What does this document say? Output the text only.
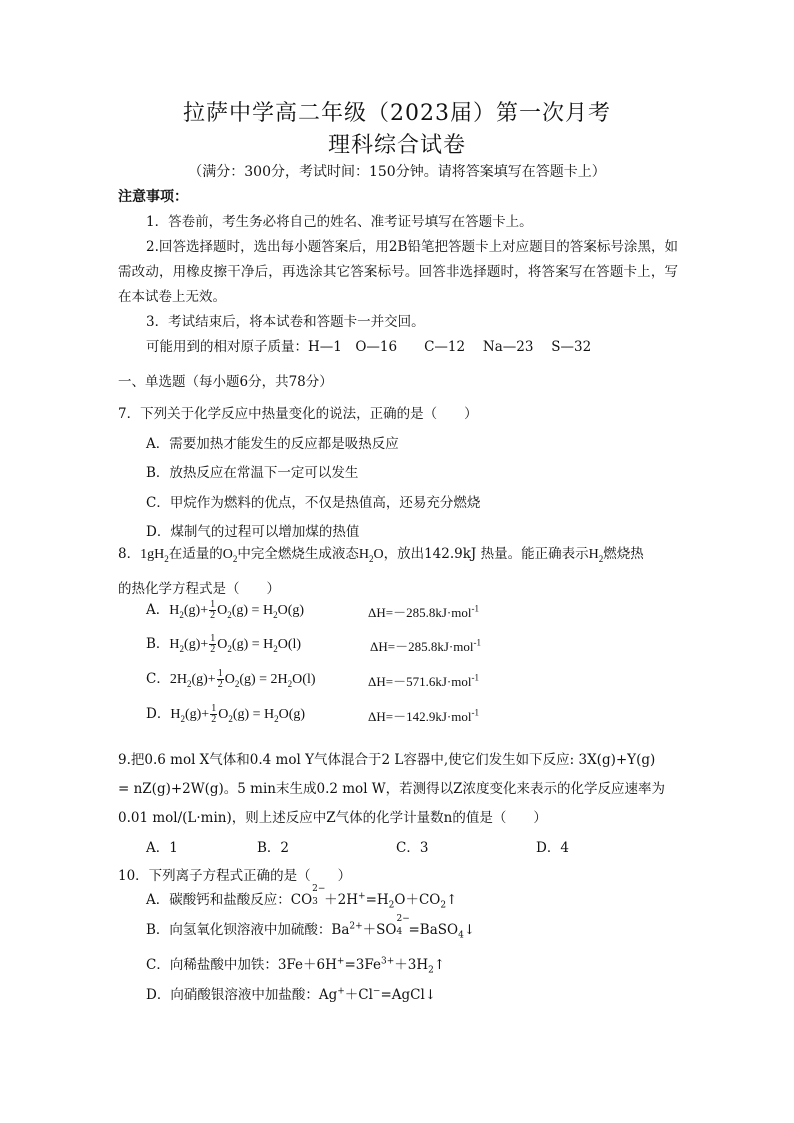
拉萨中学高二年级（2023届）第一次月考
理科综合试卷
（满分：300分，考试时间：150分钟。请将答案填写在答题卡上）
注意事项：
1．答卷前，考生务必将自己的姓名、准考证号填写在答题卡上。
2.回答选择题时，选出每小题答案后，用2B铅笔把答题卡上对应题目的答案标号涂黑，如需改动，用橡皮擦干净后，再选涂其它答案标号。回答非选择题时，将答案写在答题卡上，写在本试卷上无效。
3．考试结束后，将本试卷和答题卡一并交回。
可能用到的相对原子质量：H—1　O—16　　C—12　 Na—23　 S—32
一、单选题（每小题6分，共78分）
7．下列关于化学反应中热量变化的说法，正确的是（　　）
A．需要加热才能发生的反应都是吸热反应
B．放热反应在常温下一定可以发生
C．甲烷作为燃料的优点，不仅是热值高，还易充分燃烧
D．煤制气的过程可以增加煤的热值
8．$1gH_2$在适量的$O_2$中完全燃烧生成液态$H_2O$，放出142.9kJ 热量。能正确表示$H_2$燃烧热
的热化学方程式是（　　）
A．$H_2(g)+ \frac{1}{2} O_2(g) = H_2O(g)$	ΔH=－285.8kJ·mol$^{-1}$
B．$H_2(g)+ \frac{1}{2} O_2(g) = H_2O(l)$	ΔH=－285.8kJ·mol$^{-1}$
C．$2H_2(g)+ \frac{1}{2} O_2(g) = 2H_2O(l)$	ΔH=－571.6kJ·mol$^{-1}$
D．$H_2(g)+ \frac{1}{2} O_2(g) = H_2O(g)$	ΔH=－142.9kJ·mol$^{-1}$
9.把0.6 mol X气体和0.4 mol Y气体混合于2 L容器中,使它们发生如下反应: 3X(g)+Y(g)
= nZ(g)+2W(g)。5 min末生成0.2 mol W，若测得以Z浓度变化来表示的化学反应速率为
0.01 mol/(L·min)，则上述反应中Z气体的化学计量数n的值是（　　）
A．1	B．2	C．3	D．4
10．下列离子方程式正确的是（　　）
A．碳酸钙和盐酸反应：CO
2−
$3 +2H^+=H_2O+CO_2↑$
B．向氢氧化钡溶液中加硫酸：$Ba^{2+}+SO$
2−
4 =BaSO$_4$↓
C．向稀盐酸中加铁：$3Fe+6H^+=3Fe^{3+}+3H_2↑$
D．向硝酸银溶液中加盐酸：Ag+＋Cl−=AgCl↓
